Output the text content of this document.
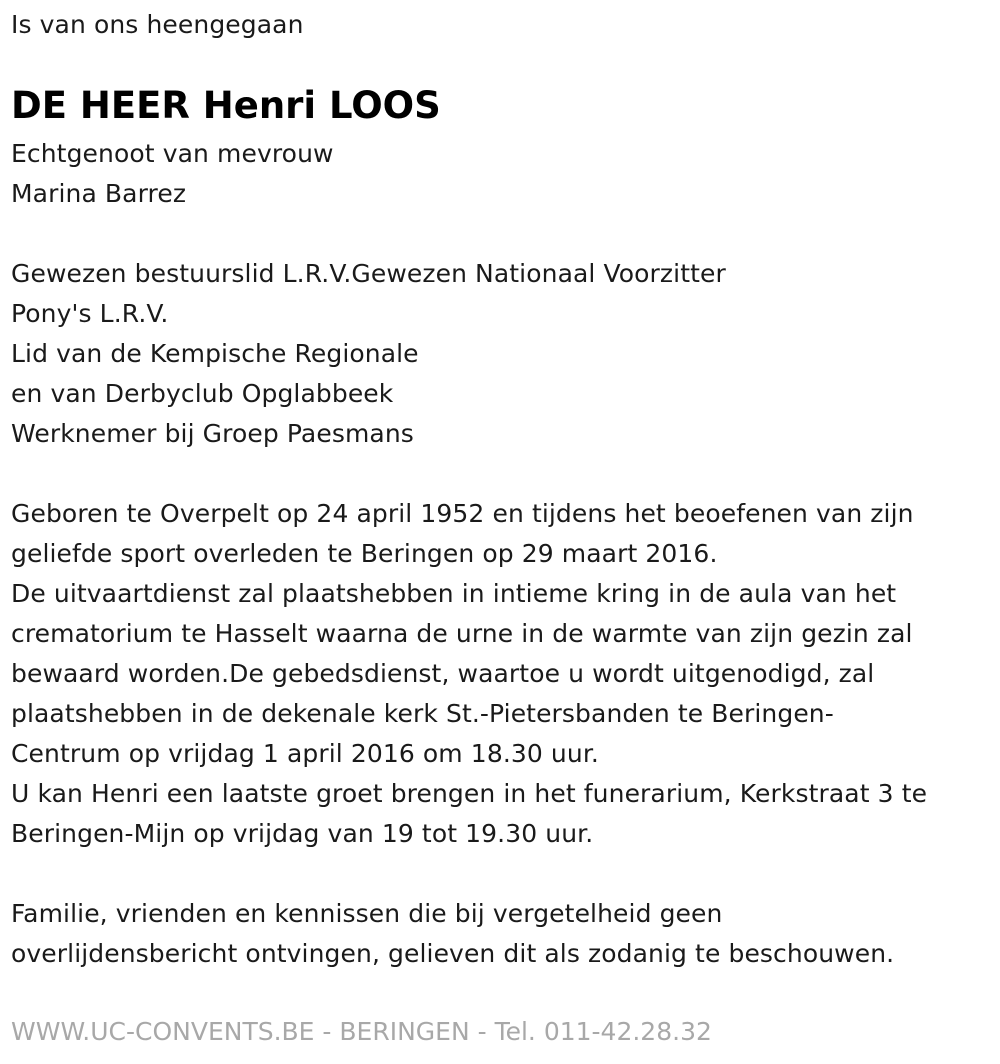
Is van ons heengegaan
DE HEER Henri LOOS
Echtgenoot van mevrouw
Marina Barrez
Gewezen bestuurslid L.R.V.Gewezen Nationaal Voorzitter
Pony's L.R.V.
Lid van de Kempische Regionale
en van Derbyclub Opglabbeek
Werknemer bij Groep Paesmans
Geboren te Overpelt op 24 april 1952 en tijdens het beoefenen van zijn
geliefde sport overleden te Beringen op 29 maart 2016.
De uitvaartdienst zal plaatshebben in intieme kring in de aula van het
crematorium te Hasselt waarna de urne in de warmte van zijn gezin zal
bewaard worden.De gebedsdienst, waartoe u wordt uitgenodigd, zal
plaatshebben in de dekenale kerk St.-Pietersbanden te Beringen-
Centrum op vrijdag 1 april 2016 om 18.30 uur.
U kan Henri een laatste groet brengen in het funerarium, Kerkstraat 3 te
Beringen-Mijn op vrijdag van 19 tot 19.30 uur.
Familie, vrienden en kennissen die bij vergetelheid geen
overlijdensbericht ontvingen, gelieven dit als zodanig te beschouwen.
WWW.UC-CONVENTS.BE - BERINGEN - Tel. 011-42.28.32
